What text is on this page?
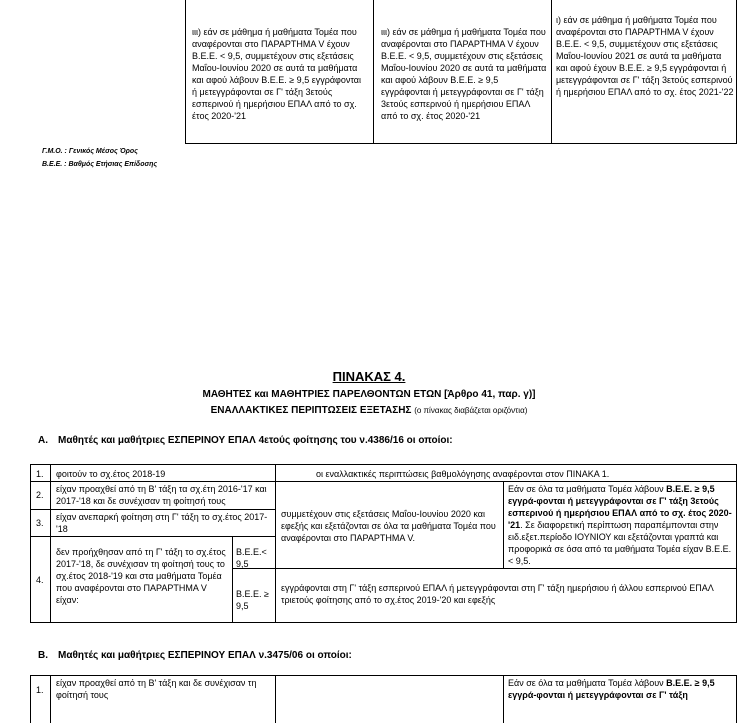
ιιι) εάν σε μάθημα ή μαθήματα Τομέα που αναφέρονται στο ΠΑΡΑΡΤΗΜΑ V έχουν Β.Ε.Ε. < 9,5, συμμετέχουν στις εξετάσεις Μαΐου-Ιουνίου 2020 σε αυτά τα μαθήματα και αφού λάβουν Β.Ε.Ε. ≥ 9,5 εγγράφονται ή μετεγγράφονται σε Γ' τάξη 3ετούς εσπερινού ή ημερήσιου ΕΠΑΛ από το σχ. έτος 2020-'21
ιιι) εάν σε μάθημα ή μαθήματα Τομέα που αναφέρονται στο ΠΑΡΑΡΤΗΜΑ V έχουν Β.Ε.Ε. < 9,5, συμμετέχουν στις εξετάσεις Μαΐου-Ιουνίου 2020 σε αυτά τα μαθήματα και αφού λάβουν Β.Ε.Ε. ≥ 9,5 εγγράφονται ή μετεγγράφονται σε Γ' τάξη 3ετούς εσπερινού ή ημερήσιου ΕΠΑΛ από το σχ. έτος 2020-'21
ι) εάν σε μάθημα ή μαθήματα Τομέα που αναφέρονται στο ΠΑΡΑΡΤΗΜΑ V έχουν Β.Ε.Ε. < 9,5, συμμετέχουν στις εξετάσεις Μαΐου-Ιουνίου 2021 σε αυτά τα μαθήματα και αφού έχουν Β.Ε.Ε. ≥ 9,5 εγγράφονται ή μετεγγράφονται σε Γ' τάξη 3ετούς εσπερινού ή ημερήσιου ΕΠΑΛ από το σχ. έτος 2021-'22
Γ.Μ.Ο. : Γενικός Μέσος Όρος
Β.Ε.Ε. : Βαθμός Ετήσιας Επίδοσης
ΠΙΝΑΚΑΣ 4.
ΜΑΘΗΤΕΣ και ΜΑΘΗΤΡΙΕΣ ΠΑΡΕΛΘΟΝΤΩΝ ΕΤΩΝ [Άρθρο 41, παρ. γ)]
ΕΝΑΛΛΑΚΤΙΚΕΣ ΠΕΡΙΠΤΩΣΕΙΣ ΕΞΕΤΑΣΗΣ (ο πίνακας διαβάζεται οριζόντια)
Α. Μαθητές και μαθήτριες ΕΣΠΕΡΙΝΟΥ ΕΠΑΛ 4ετούς φοίτησης του ν.4386/16 οι οποίοι:
1. φοιτούν το σχ.έτος 2018-19	οι εναλλακτικές περιπτώσεις βαθμολόγησης αναφέρονται στον ΠΙΝΑΚΑ 1.
2.
είχαν προαχθεί από τη Β' τάξη τα σχ.έτη 2016-'17 και 2017-'18 και δε συνέχισαν τη φοίτησή τους
3.
είχαν ανεπαρκή φοίτηση στη Γ' τάξη το σχ.έτος 2017-'18
συμμετέχουν στις εξετάσεις Μαΐου-Ιουνίου 2020 και εφεξής και εξετάζονται σε όλα τα μαθήματα Τομέα που αναφέρονται στο ΠΑΡΑΡΤΗΜΑ V.
Εάν σε όλα τα μαθήματα Τομέα λάβουν Β.Ε.Ε. ≥ 9,5 εγγρά-φονται ή μετεγγράφονται σε Γ' τάξη 3ετούς εσπερινού ή ημερήσιου ΕΠΑΛ από το σχ. έτος 2020-'21. Σε διαφορετική περίπτωση παραπέμπονται στην ειδ.εξετ.περίοδο ΙΟΥΝΙΟΥ και εξετάζονται γραπτά και προφορικά σε όσα από τα μαθήματα Τομέα είχαν Β.Ε.Ε. < 9,5.
4.
δεν προήχθησαν από τη Γ' τάξη το σχ.έτος 2017-'18, δε συνέχισαν τη φοίτησή τους το σχ.έτος 2018-'19 και στα μαθήματα Τομέα που αναφέρονται στο ΠΑΡΑΡΤΗΜΑ V είχαν:
Β.Ε.Ε.< 9,5
Β.Ε.Ε. ≥ 9,5
εγγράφονται στη Γ' τάξη εσπερινού ΕΠΑΛ ή μετεγγράφονται στη Γ' τάξη ημερήσιου ή άλλου εσπερινού ΕΠΑΛ τριετούς φοίτησης από το σχ.έτος 2019-'20 και εφεξής
Β. Μαθητές και μαθήτριες ΕΣΠΕΡΙΝΟΥ ΕΠΑΛ ν.3475/06 οι οποίοι:
1.
είχαν προαχθεί από τη Β' τάξη και δε συνέχισαν τη φοίτησή τους
Εάν σε όλα τα μαθήματα Τομέα λάβουν Β.Ε.Ε. ≥ 9,5 εγγρά-φονται ή μετεγγράφονται σε Γ' τάξη
